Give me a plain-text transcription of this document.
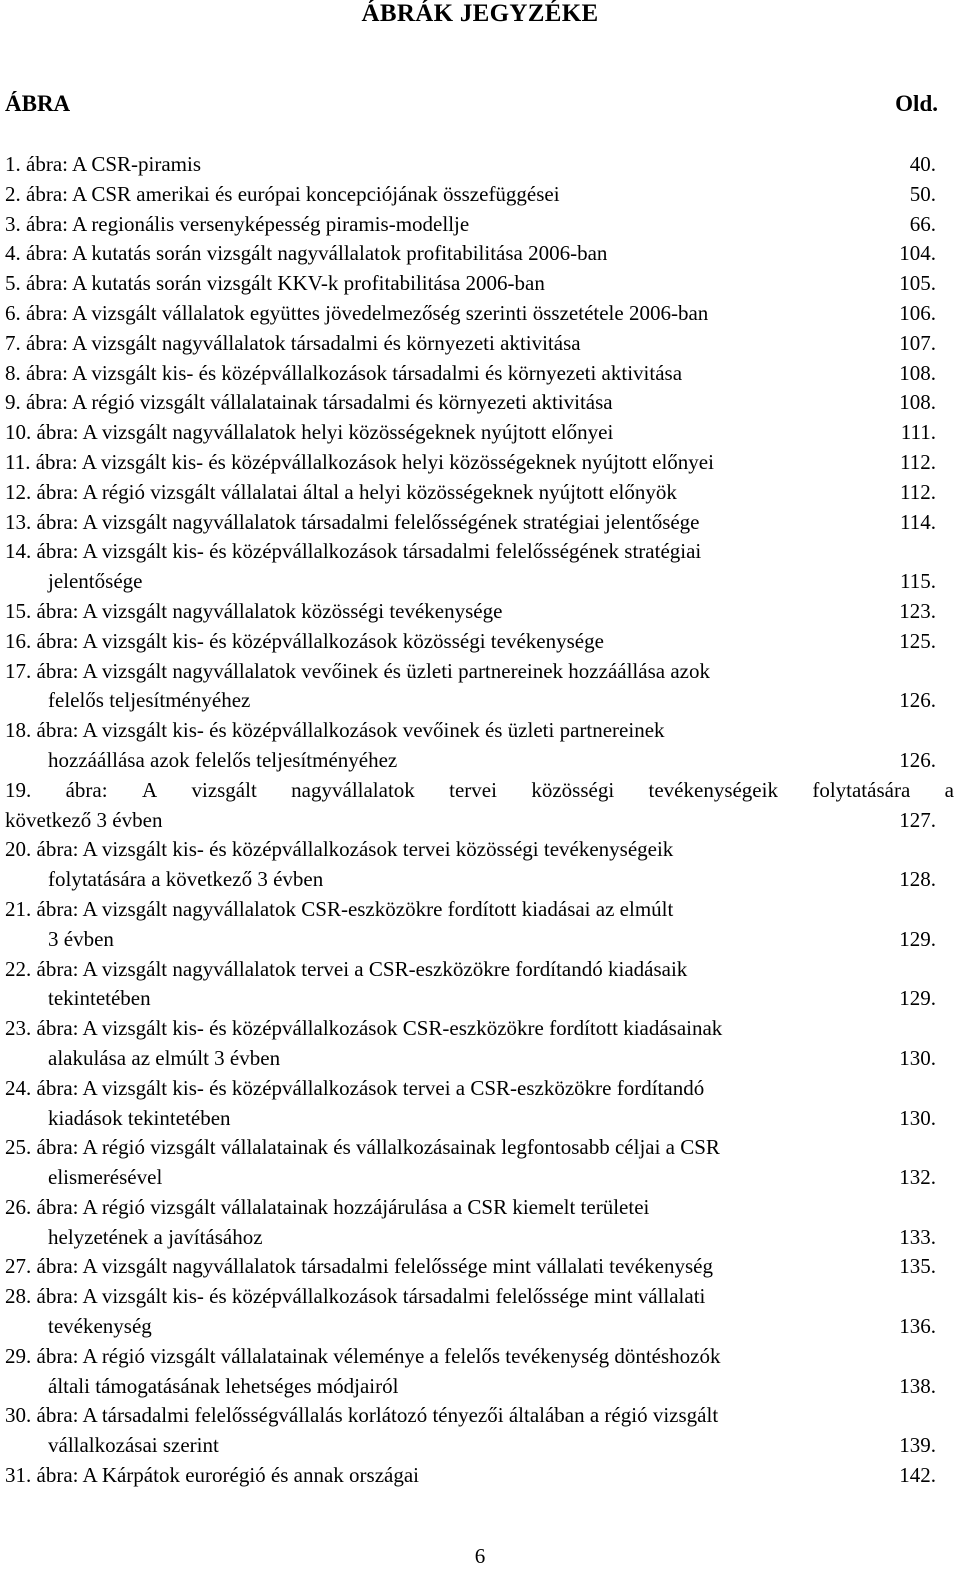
ÁBRÁK JEGYZÉKE
ÁBRA	Old.
1. ábra: A CSR-piramis	40.
2. ábra: A CSR amerikai és európai koncepciójának összefüggései	50.
3. ábra: A regionális versenyképesség piramis-modellje	66.
4. ábra: A kutatás során vizsgált nagyvállalatok profitabilitása 2006-ban	104.
5. ábra: A kutatás során vizsgált KKV-k profitabilitása 2006-ban	105.
6. ábra: A vizsgált vállalatok együttes jövedelmezőség szerinti összetétele 2006-ban	106.
7. ábra: A vizsgált nagyvállalatok társadalmi és környezeti aktivitása	107.
8. ábra: A vizsgált kis- és középvállalkozások társadalmi és környezeti aktivitása	108.
9. ábra: A régió vizsgált vállalatainak társadalmi és környezeti aktivitása	108.
10. ábra: A vizsgált nagyvállalatok helyi közösségeknek nyújtott előnyei	111.
11. ábra: A vizsgált kis- és középvállalkozások helyi közösségeknek nyújtott előnyei	112.
12. ábra: A régió vizsgált vállalatai által a helyi közösségeknek nyújtott előnyök	112.
13. ábra: A vizsgált nagyvállalatok társadalmi felelősségének stratégiai jelentősége	114.
14. ábra: A vizsgált kis- és középvállalkozások társadalmi felelősségének stratégiai
jelentősége	115.
15. ábra: A vizsgált nagyvállalatok közösségi tevékenysége	123.
16. ábra: A vizsgált kis- és középvállalkozások közösségi tevékenysége	125.
17. ábra: A vizsgált nagyvállalatok vevőinek és üzleti partnereinek hozzáállása azok
felelős teljesítményéhez	126.
18. ábra: A vizsgált kis- és középvállalkozások vevőinek és üzleti partnereinek
hozzáállása azok felelős teljesítményéhez	126.
19. ábra: A vizsgált nagyvállalatok tervei közösségi tevékenységeik folytatására a
következő 3 évben	127.
20. ábra: A vizsgált kis- és középvállalkozások tervei közösségi tevékenységeik
folytatására a következő 3 évben	128.
21. ábra: A vizsgált nagyvállalatok CSR-eszközökre fordított kiadásai az elmúlt
3 évben	129.
22. ábra: A vizsgált nagyvállalatok tervei a CSR-eszközökre fordítandó kiadásaik
tekintetében	129.
23. ábra: A vizsgált kis- és középvállalkozások CSR-eszközökre fordított kiadásainak
alakulása az elmúlt 3 évben	130.
24. ábra: A vizsgált kis- és középvállalkozások tervei a CSR-eszközökre fordítandó
kiadások tekintetében	130.
25. ábra: A régió vizsgált vállalatainak és vállalkozásainak legfontosabb céljai a CSR
elismerésével	132.
26. ábra: A régió vizsgált vállalatainak hozzájárulása a CSR kiemelt területei
helyzetének a javításához	133.
27. ábra: A vizsgált nagyvállalatok társadalmi felelőssége mint vállalati tevékenység	135.
28. ábra: A vizsgált kis- és középvállalkozások társadalmi felelőssége mint vállalati
tevékenység	136.
29. ábra: A régió vizsgált vállalatainak véleménye a felelős tevékenység döntéshozók
általi támogatásának lehetséges módjairól	138.
30. ábra: A társadalmi felelősségvállalás korlátozó tényezői általában a régió vizsgált
vállalkozásai szerint	139.
31. ábra: A Kárpátok eurorégió és annak országai	142.
6
